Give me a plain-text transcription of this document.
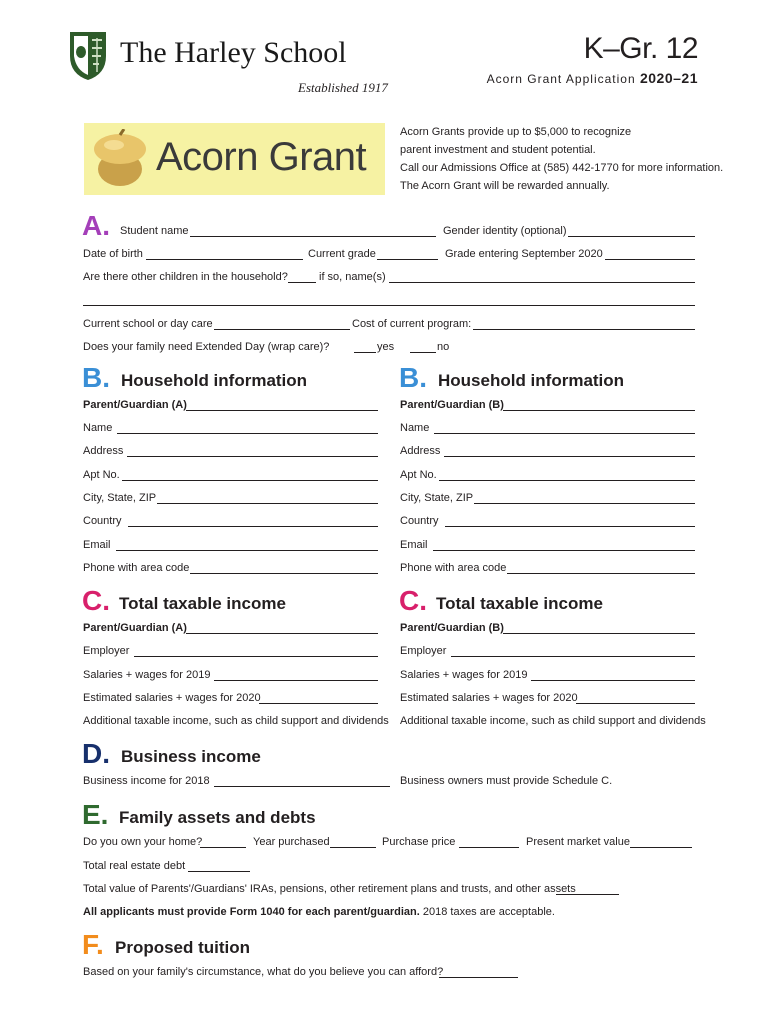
The Harley School
Established 1917
K–Gr. 12
Acorn Grant Application 2020–21
Acorn Grant
Acorn Grants provide up to $5,000 to recognize
parent investment and student potential.
Call our Admissions Office at (585) 442-1770 for more information.
The Acorn Grant will be rewarded annually.
A. Student name	Gender identity (optional)
Date of birth	Current grade	Grade entering September 2020
Are there other children in the household?	if so, name(s)
Current school or day care	Cost of current program:
Does your family need Extended Day (wrap care)?	yes	no
B. Household information	B. Household information
Parent/Guardian (A)	Parent/Guardian (B)
Name	Name
Address	Address
Apt No.	Apt No.
City, State, ZIP	City, State, ZIP
Country	Country
Email	Email
Phone with area code	Phone with area code
C. Total taxable income	C. Total taxable income
Parent/Guardian (A)	Parent/Guardian (B)
Employer	Employer
Salaries + wages for 2019	Salaries + wages for 2019
Estimated salaries + wages for 2020	Estimated salaries + wages for 2020
Additional taxable income, such as child support and dividends Additional taxable income, such as child support and dividends
D. Business income
Business income for 2018	Business owners must provide Schedule C.
E. Family assets and debts
Do you own your home?	Year purchased	Purchase price	Present market value
Total real estate debt
Total value of Parents'/Guardians' IRAs, pensions, other retirement plans and trusts, and other assets
All applicants must provide Form 1040 for each parent/guardian. 2018 taxes are acceptable.
F. Proposed tuition
Based on your family's circumstance, what do you believe you can afford?
